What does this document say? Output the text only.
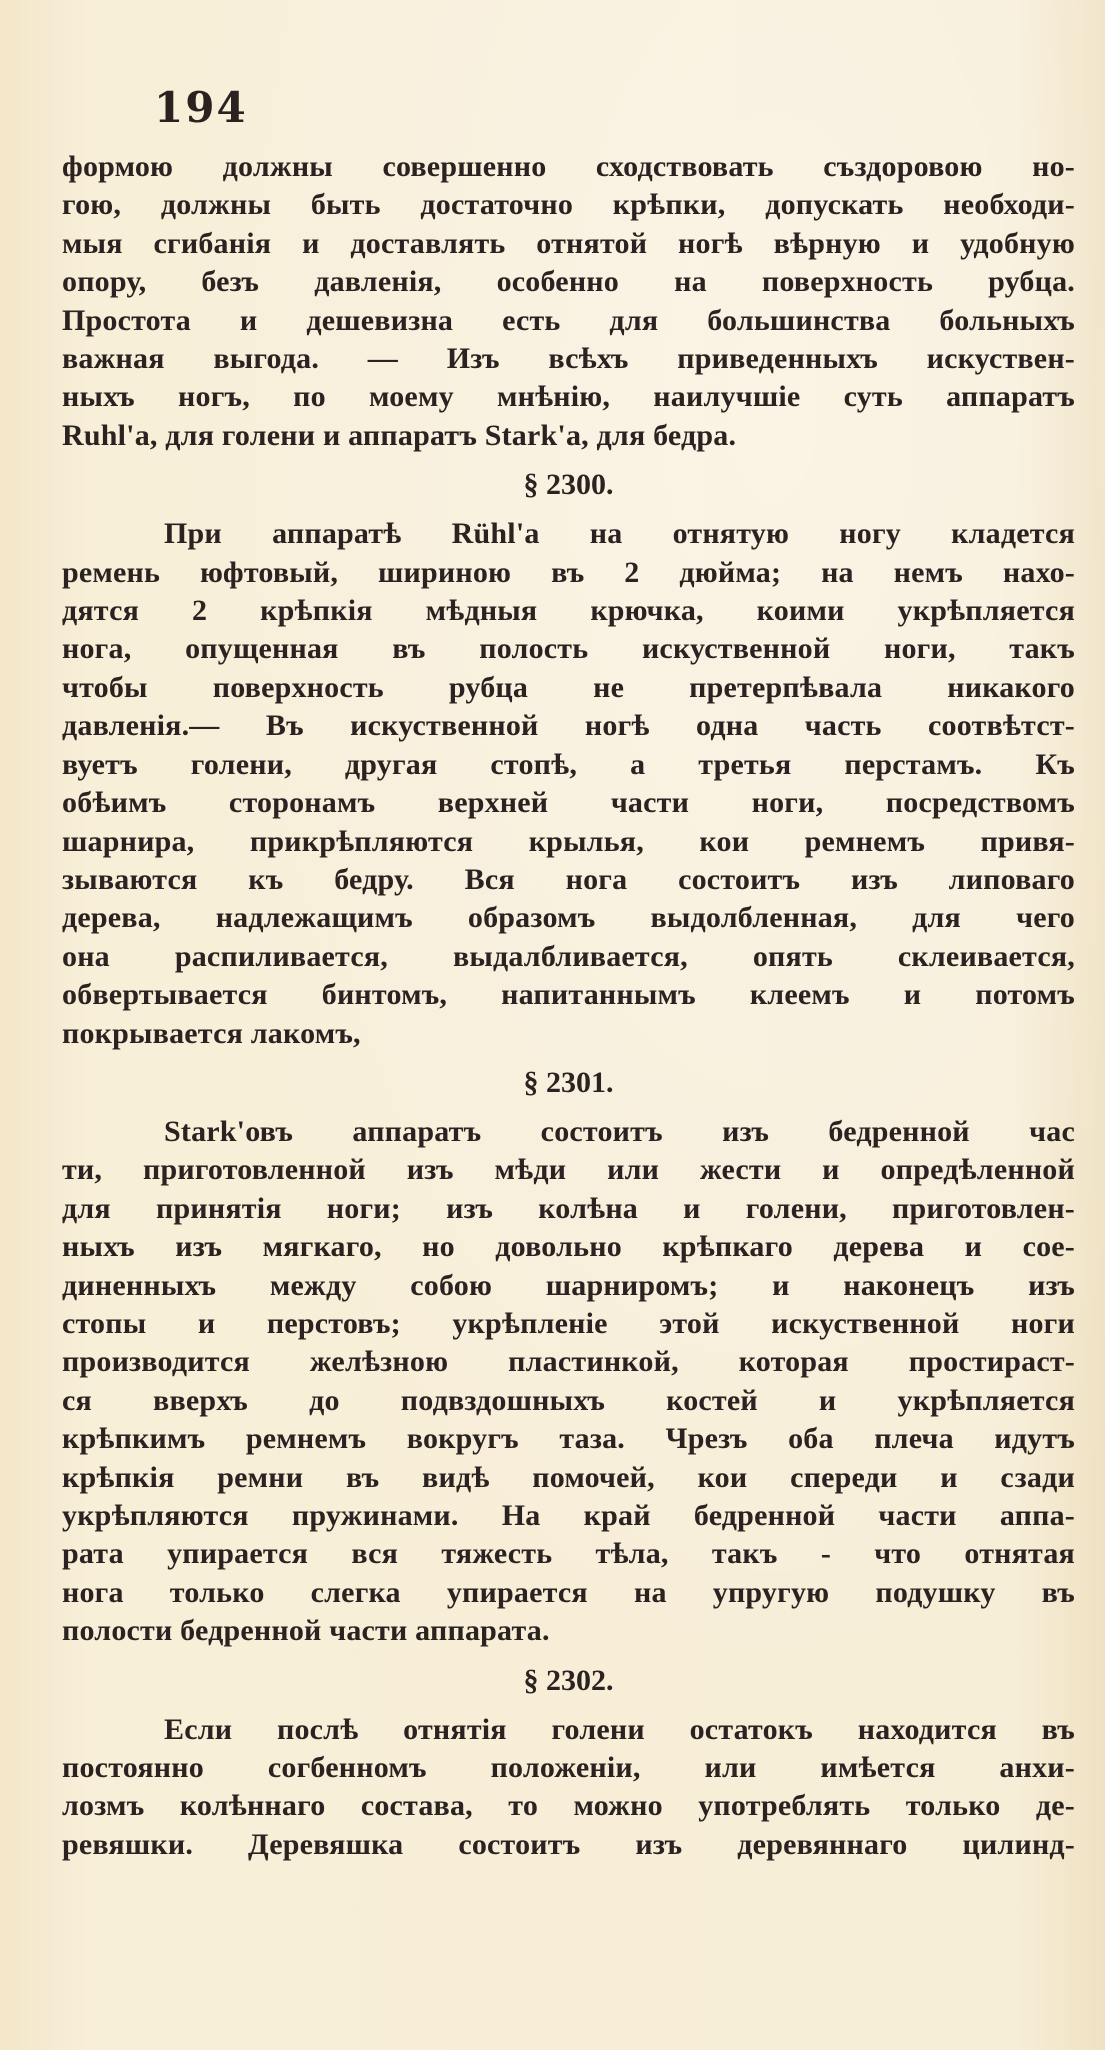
194
формою должны совершенно сходствовать създоровою но-
гою, должны быть достаточно крѣпки, допускать необходи-
мыя сгибанія и доставлять отнятой ногѣ вѣрную и удобную
опору, безъ давленія, особенно на поверхность рубца.
Простота и дешевизна есть для большинства больныхъ
важная выгода. — Изъ всѣхъ приведенныхъ искуствен-
ныхъ ногъ, по моему мнѣнію, наилучшіе суть аппаратъ
Ruhl'а, для голени и аппаратъ Stark'а, для бедра.
§ 2300.
При аппаратѣ Rühl'а на отнятую ногу кладется
ремень юфтовый, шириною въ 2 дюйма; на немъ нахо-
дятся 2 крѣпкія мѣдныя крючка, коими укрѣпляется
нога, опущенная въ полость искуственной ноги, такъ
чтобы поверхность рубца не претерпѣвала никакого
давленія.— Въ искуственной ногѣ одна часть соотвѣтст-
вуетъ голени, другая стопѣ, а третья перстамъ. Къ
обѣимъ сторонамъ верхней части ноги, посредствомъ
шарнира, прикрѣпляются крылья, кои ремнемъ привя-
зываются къ бедру. Вся нога состоитъ изъ липоваго
дерева, надлежащимъ образомъ выдолбленная, для чего
она распиливается, выдалбливается, опять склеивается,
обвертывается бинтомъ, напитаннымъ клеемъ и потомъ
покрывается лакомъ,
§ 2301.
Stark'овъ аппаратъ состоитъ изъ бедренной час
ти, приготовленной изъ мѣди или жести и опредѣленной
для принятія ноги; изъ колѣна и голени, приготовлен-
ныхъ изъ мягкаго, но довольно крѣпкаго дерева и сое-
диненныхъ между собою шарниромъ; и наконецъ изъ
стопы и перстовъ; укрѣпленіе этой искуственной ноги
производится желѣзною пластинкой, которая простираст-
ся вверхъ до подвздошныхъ костей и укрѣпляется
крѣпкимъ ремнемъ вокругъ таза. Чрезъ оба плеча идутъ
крѣпкія ремни въ видѣ помочей, кои спереди и сзади
укрѣпляются пружинами. На край бедренной части аппа-
рата упирается вся тяжесть тѣла, такъ - что отнятая
нога только слегка упирается на упругую подушку въ
полости бедренной части аппарата.
§ 2302.
Если послѣ отнятія голени остатокъ находится въ
постоянно согбенномъ положеніи, или имѣется анхи-
лозмъ колѣннаго состава, то можно употреблять только де-
ревяшки. Деревяшка состоитъ изъ деревяннаго цилинд-
